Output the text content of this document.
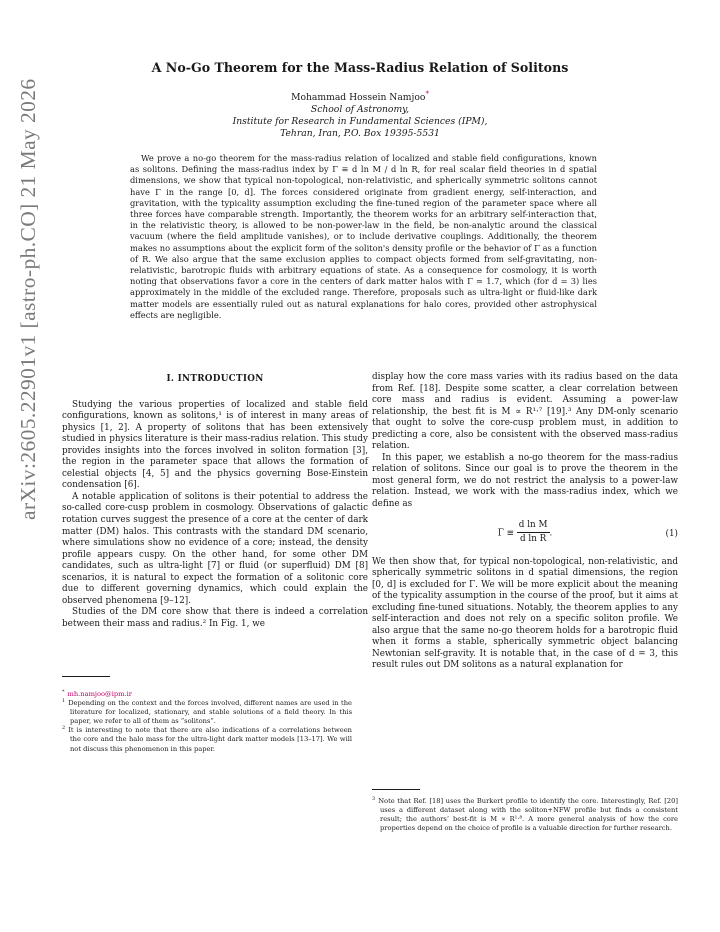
arXiv:2605.22901v1 [astro-ph.CO] 21 May 2026
A No-Go Theorem for the Mass-Radius Relation of Solitons
Mohammad Hossein Namjoo*
School of Astronomy,
Institute for Research in Fundamental Sciences (IPM),
Tehran, Iran, P.O. Box 19395-5531

We prove a no-go theorem for the mass-radius relation of localized and stable field configurations, known as solitons. Defining the mass-radius index by Γ ≡ d ln M / d ln R, for real scalar field theories in d spatial dimensions, we show that typical non-topological, non-relativistic, and spherically symmetric solitons cannot have Γ in the range [0, d]. The forces considered originate from gradient energy, self-interaction, and gravitation, with the typicality assumption excluding the fine-tuned region of the parameter space where all three forces have comparable strength. Importantly, the theorem works for an arbitrary self-interaction that, in the relativistic theory, is allowed to be non-power-law in the field, be non-analytic around the classical vacuum (where the field amplitude vanishes), or to include derivative couplings. Additionally, the theorem makes no assumptions about the explicit form of the soliton's density profile or the behavior of Γ as a function of R. We also argue that the same exclusion applies to compact objects formed from self-gravitating, non-relativistic, barotropic fluids with arbitrary equations of state. As a consequence for cosmology, it is worth noting that observations favor a core in the centers of dark matter halos with Γ ≃ 1.7, which (for d = 3) lies approximately in the middle of the excluded range. Therefore, proposals such as ultra-light or fluid-like dark matter models are essentially ruled out as natural explanations for halo cores, provided other astrophysical effects are negligible.

I. INTRODUCTION

Studying the various properties of localized and stable field configurations, known as solitons,¹ is of interest in many areas of physics [1, 2]. A property of solitons that has been extensively studied in physics literature is their mass-radius relation. This study provides insights into the forces involved in soliton formation [3], the region in the parameter space that allows the formation of celestial objects [4, 5] and the physics governing Bose-Einstein condensation [6].

A notable application of solitons is their potential to address the so-called core-cusp problem in cosmology. Observations of galactic rotation curves suggest the presence of a core at the center of dark matter (DM) halos. This contrasts with the standard DM scenario, where simulations show no evidence of a core; instead, the density profile appears cuspy. On the other hand, for some other DM candidates, such as ultra-light [7] or fluid (or superfluid) DM [8] scenarios, it is natural to expect the formation of a solitonic core due to different governing dynamics, which could explain the observed phenomena [9–12].

Studies of the DM core show that there is indeed a correlation between their mass and radius.² In Fig. 1, we

display how the core mass varies with its radius based on the data from Ref. [18]. Despite some scatter, a clear correlation between core mass and radius is evident. Assuming a power-law relationship, the best fit is M ∝ R¹·⁷ [19].³ Any DM-only scenario that ought to solve the core-cusp problem must, in addition to predicting a core, also be consistent with the observed mass-radius relation.

In this paper, we establish a no-go theorem for the mass-radius relation of solitons. Since our goal is to prove the theorem in the most general form, we do not restrict the analysis to a power-law relation. Instead, we work with the mass-radius index, which we define as

$\Gamma \equiv \frac{\text{d ln M}}{\text{d ln R}}$ .	(1)

We then show that, for typical non-topological, non-relativistic, and spherically symmetric solitons in d spatial dimensions, the region [0, d] is excluded for Γ. We will be more explicit about the meaning of the typicality assumption in the course of the proof, but it aims at excluding fine-tuned situations. Notably, the theorem applies to any self-interaction and does not rely on a specific soliton profile. We also argue that the same no-go theorem holds for a barotropic fluid when it forms a stable, spherically symmetric object balancing Newtonian self-gravity. It is notable that, in the case of d = 3, this result rules out DM solitons as a natural explanation for

* mh.namjoo@ipm.ir

$^1$ Depending on the context and the forces involved, different names are used in the literature for localized, stationary, and stable solutions of a field theory. In this paper, we refer to all of them as “solitons”.

$^2$ It is interesting to note that there are also indications of a correlations between the core and the halo mass for the ultra-light dark matter models [13–17]. We will not discuss this phenomenon in this paper.

$^3$ Note that Ref. [18] uses the Burkert profile to identify the core. Interestingly, Ref. [20] uses a different dataset along with the soliton+NFW profile but finds a consistent result; the authors’ best-fit is M ∝ R¹·⁸. A more general analysis of how the core properties depend on the choice of profile is a valuable direction for further research.
